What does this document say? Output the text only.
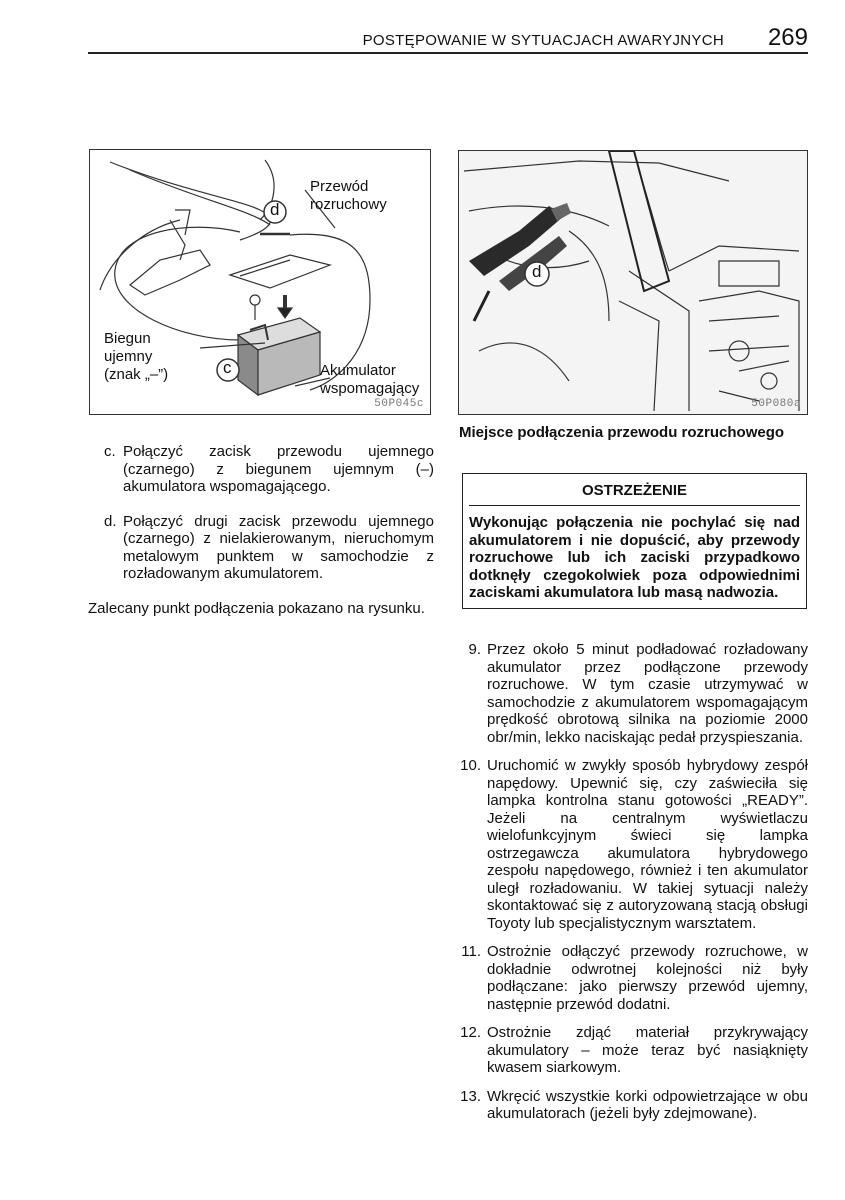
POSTĘPOWANIE W SYTUACJACH AWARYJNYCH 269
d
c
Przewód
rozruchowy
Biegun
ujemny
(znak „–”)	Akumulator
wspomagający
50P045c
d
50P080a
c. Połączyć zacisk przewodu ujemnego (czarnego) z biegunem ujemnym (–) akumulatora wspomagającego.
d. Połączyć drugi zacisk przewodu ujemnego (czarnego) z nielakierowanym, nieruchomym metalowym punktem w samochodzie z rozładowanym akumulatorem.
Zalecany punkt podłączenia pokazano na rysunku.
Miejsce podłączenia przewodu rozruchowego
OSTRZEŻENIE
Wykonując połączenia nie pochylać się nad akumulatorem i nie dopuścić, aby przewody rozruchowe lub ich zaciski przypadkowo dotknęły czegokolwiek poza odpowiednimi zaciskami akumulatora lub masą nadwozia.
9. Przez około 5 minut podładować rozładowany akumulator przez podłączone przewody rozruchowe. W tym czasie utrzymywać w samochodzie z akumulatorem wspomagającym prędkość obrotową silnika na poziomie 2000 obr/min, lekko naciskając pedał przyspieszania.
10. Uruchomić w zwykły sposób hybrydowy zespół napędowy. Upewnić się, czy zaświeciła się lampka kontrolna stanu gotowości „READY”. Jeżeli na centralnym wyświetlaczu wielofunkcyjnym świeci się lampka ostrzegawcza akumulatora hybrydowego zespołu napędowego, również i ten akumulator uległ rozładowaniu. W takiej sytuacji należy skontaktować się z autoryzowaną stacją obsługi Toyoty lub specjalistycznym warsztatem.
11. Ostrożnie odłączyć przewody rozruchowe, w dokładnie odwrotnej kolejności niż były podłączane: jako pierwszy przewód ujemny, następnie przewód dodatni.
12. Ostrożnie zdjąć materiał przykrywający akumulatory – może teraz być nasiąknięty kwasem siarkowym.
13. Wkręcić wszystkie korki odpowietrzające w obu akumulatorach (jeżeli były zdejmowane).
